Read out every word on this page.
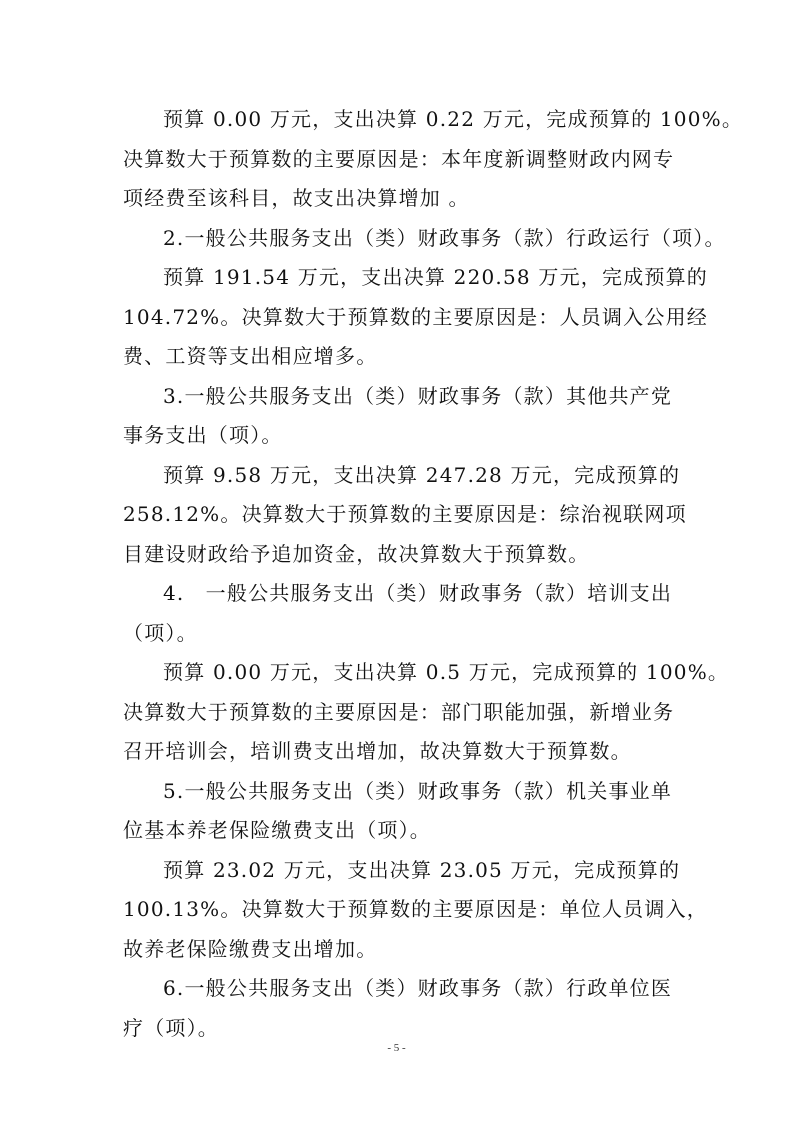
预算 0.00 万元，支出决算 0.22 万元，完成预算的 100%。
决算数大于预算数的主要原因是：本年度新调整财政内网专
项经费至该科目，故支出决算增加 。
2.一般公共服务支出（类）财政事务（款）行政运行（项）。
预算 191.54 万元，支出决算 220.58 万元，完成预算的
104.72%。决算数大于预算数的主要原因是：人员调入公用经
费、工资等支出相应增多。
3.一般公共服务支出（类）财政事务（款）其他共产党
事务支出（项）。
预算 9.58 万元，支出决算 247.28 万元，完成预算的
258.12%。决算数大于预算数的主要原因是：综治视联网项
目建设财政给予追加资金，故决算数大于预算数。
4.　一般公共服务支出（类）财政事务（款）培训支出
（项）。
预算 0.00 万元，支出决算 0.5 万元，完成预算的 100%。
决算数大于预算数的主要原因是：部门职能加强，新增业务
召开培训会，培训费支出增加，故决算数大于预算数。
5.一般公共服务支出（类）财政事务（款）机关事业单
位基本养老保险缴费支出（项）。
预算 23.02 万元，支出决算 23.05 万元，完成预算的
100.13%。决算数大于预算数的主要原因是：单位人员调入，
故养老保险缴费支出增加。
6.一般公共服务支出（类）财政事务（款）行政单位医
疗（项）。
- 5 -
